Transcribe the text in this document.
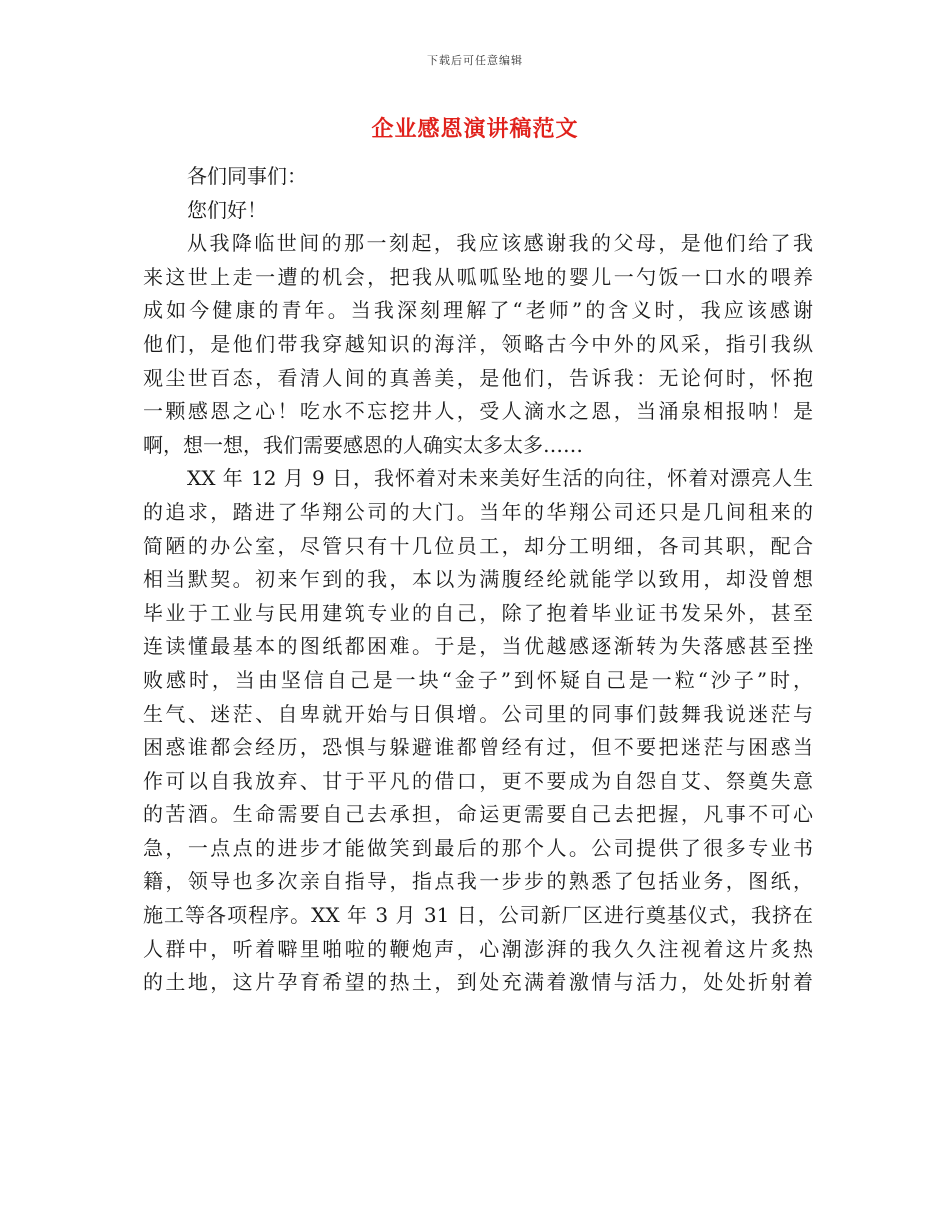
下载后可任意编辑
企业感恩演讲稿范文
各们同事们：
您们好！
从我降临世间的那一刻起，我应该感谢我的父母，是他们给了我
来这世上走一遭的机会，把我从呱呱坠地的婴儿一勺饭一口水的喂养
成如今健康的青年。当我深刻理解了“老师”的含义时，我应该感谢
他们，是他们带我穿越知识的海洋，领略古今中外的风采，指引我纵
观尘世百态，看清人间的真善美，是他们，告诉我：无论何时，怀抱
一颗感恩之心！吃水不忘挖井人，受人滴水之恩，当涌泉相报呐！是
啊，想一想，我们需要感恩的人确实太多太多……
XX 年 12 月 9 日，我怀着对未来美好生活的向往，怀着对漂亮人生
的追求，踏进了华翔公司的大门。当年的华翔公司还只是几间租来的
简陋的办公室，尽管只有十几位员工，却分工明细，各司其职，配合
相当默契。初来乍到的我，本以为满腹经纶就能学以致用，却没曾想
毕业于工业与民用建筑专业的自己，除了抱着毕业证书发呆外，甚至
连读懂最基本的图纸都困难。于是，当优越感逐渐转为失落感甚至挫
败感时，当由坚信自己是一块“金子”到怀疑自己是一粒“沙子”时，
生气、迷茫、自卑就开始与日俱增。公司里的同事们鼓舞我说迷茫与
困惑谁都会经历，恐惧与躲避谁都曾经有过，但不要把迷茫与困惑当
作可以自我放弃、甘于平凡的借口，更不要成为自怨自艾、祭奠失意
的苦酒。生命需要自己去承担，命运更需要自己去把握，凡事不可心
急，一点点的进步才能做笑到最后的那个人。公司提供了很多专业书
籍，领导也多次亲自指导，指点我一步步的熟悉了包括业务，图纸，
施工等各项程序。XX 年 3 月 31 日，公司新厂区进行奠基仪式，我挤在
人群中，听着噼里啪啦的鞭炮声，心潮澎湃的我久久注视着这片炙热
的土地，这片孕育希望的热土，到处充满着激情与活力，处处折射着
